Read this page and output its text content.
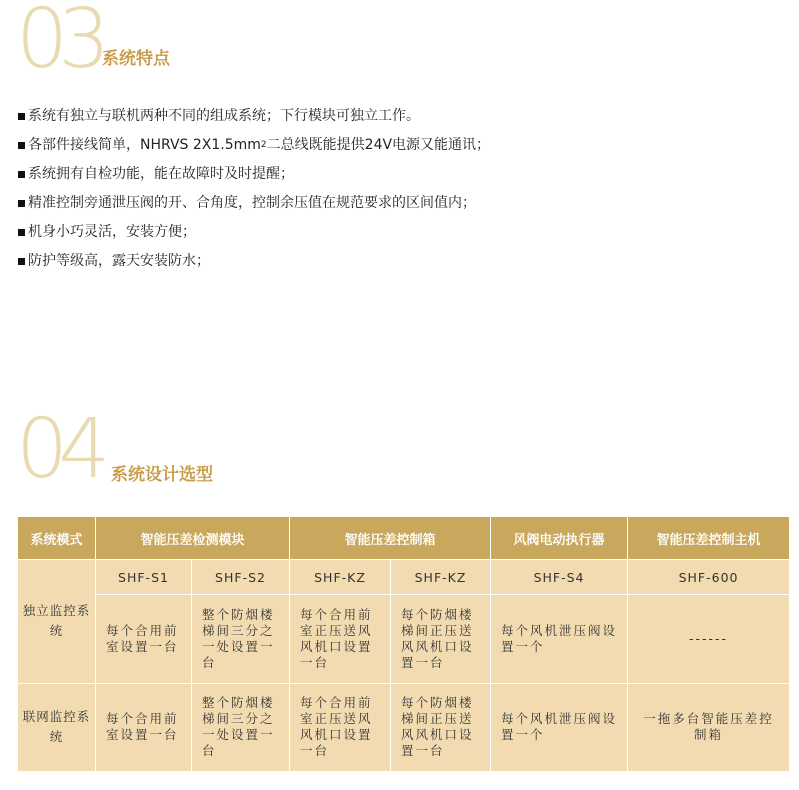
03 系统特点
系统有独立与联机两种不同的组成系统；下行模块可独立工作。
各部件接线简单，NHRVS 2X1.5mm 2 二总线既能提供24V电源又能通讯；
系统拥有自检功能，能在故障时及时提醒；
精准控制旁通泄压阀的开、合角度，控制余压值在规范要求的区间值内；
机身小巧灵活，安装方便；
防护等级高，露天安装防水；
04 系统设计选型
系统模式	智能压差检测模块		智能压差控制箱		风阀电动执行器	智能压差控制主机
独立监控系统	SHF-S1	SHF-S2	SHF-KZ	SHF-KZ	SHF-S4	SHF-600
	每个合用前室设置一台	整个防烟楼梯间三分之一处设置一台	每个合用前室正压送风风机口设置一台	每个防烟楼梯间正压送风风机口设置一台	每个风机泄压阀设置一个	------
联网监控系统	每个合用前室设置一台	整个防烟楼梯间三分之一处设置一台	每个合用前室正压送风风机口设置一台	每个防烟楼梯间正压送风风机口设置一台	每个风机泄压阀设置一个	一拖多台智能压差控制箱
